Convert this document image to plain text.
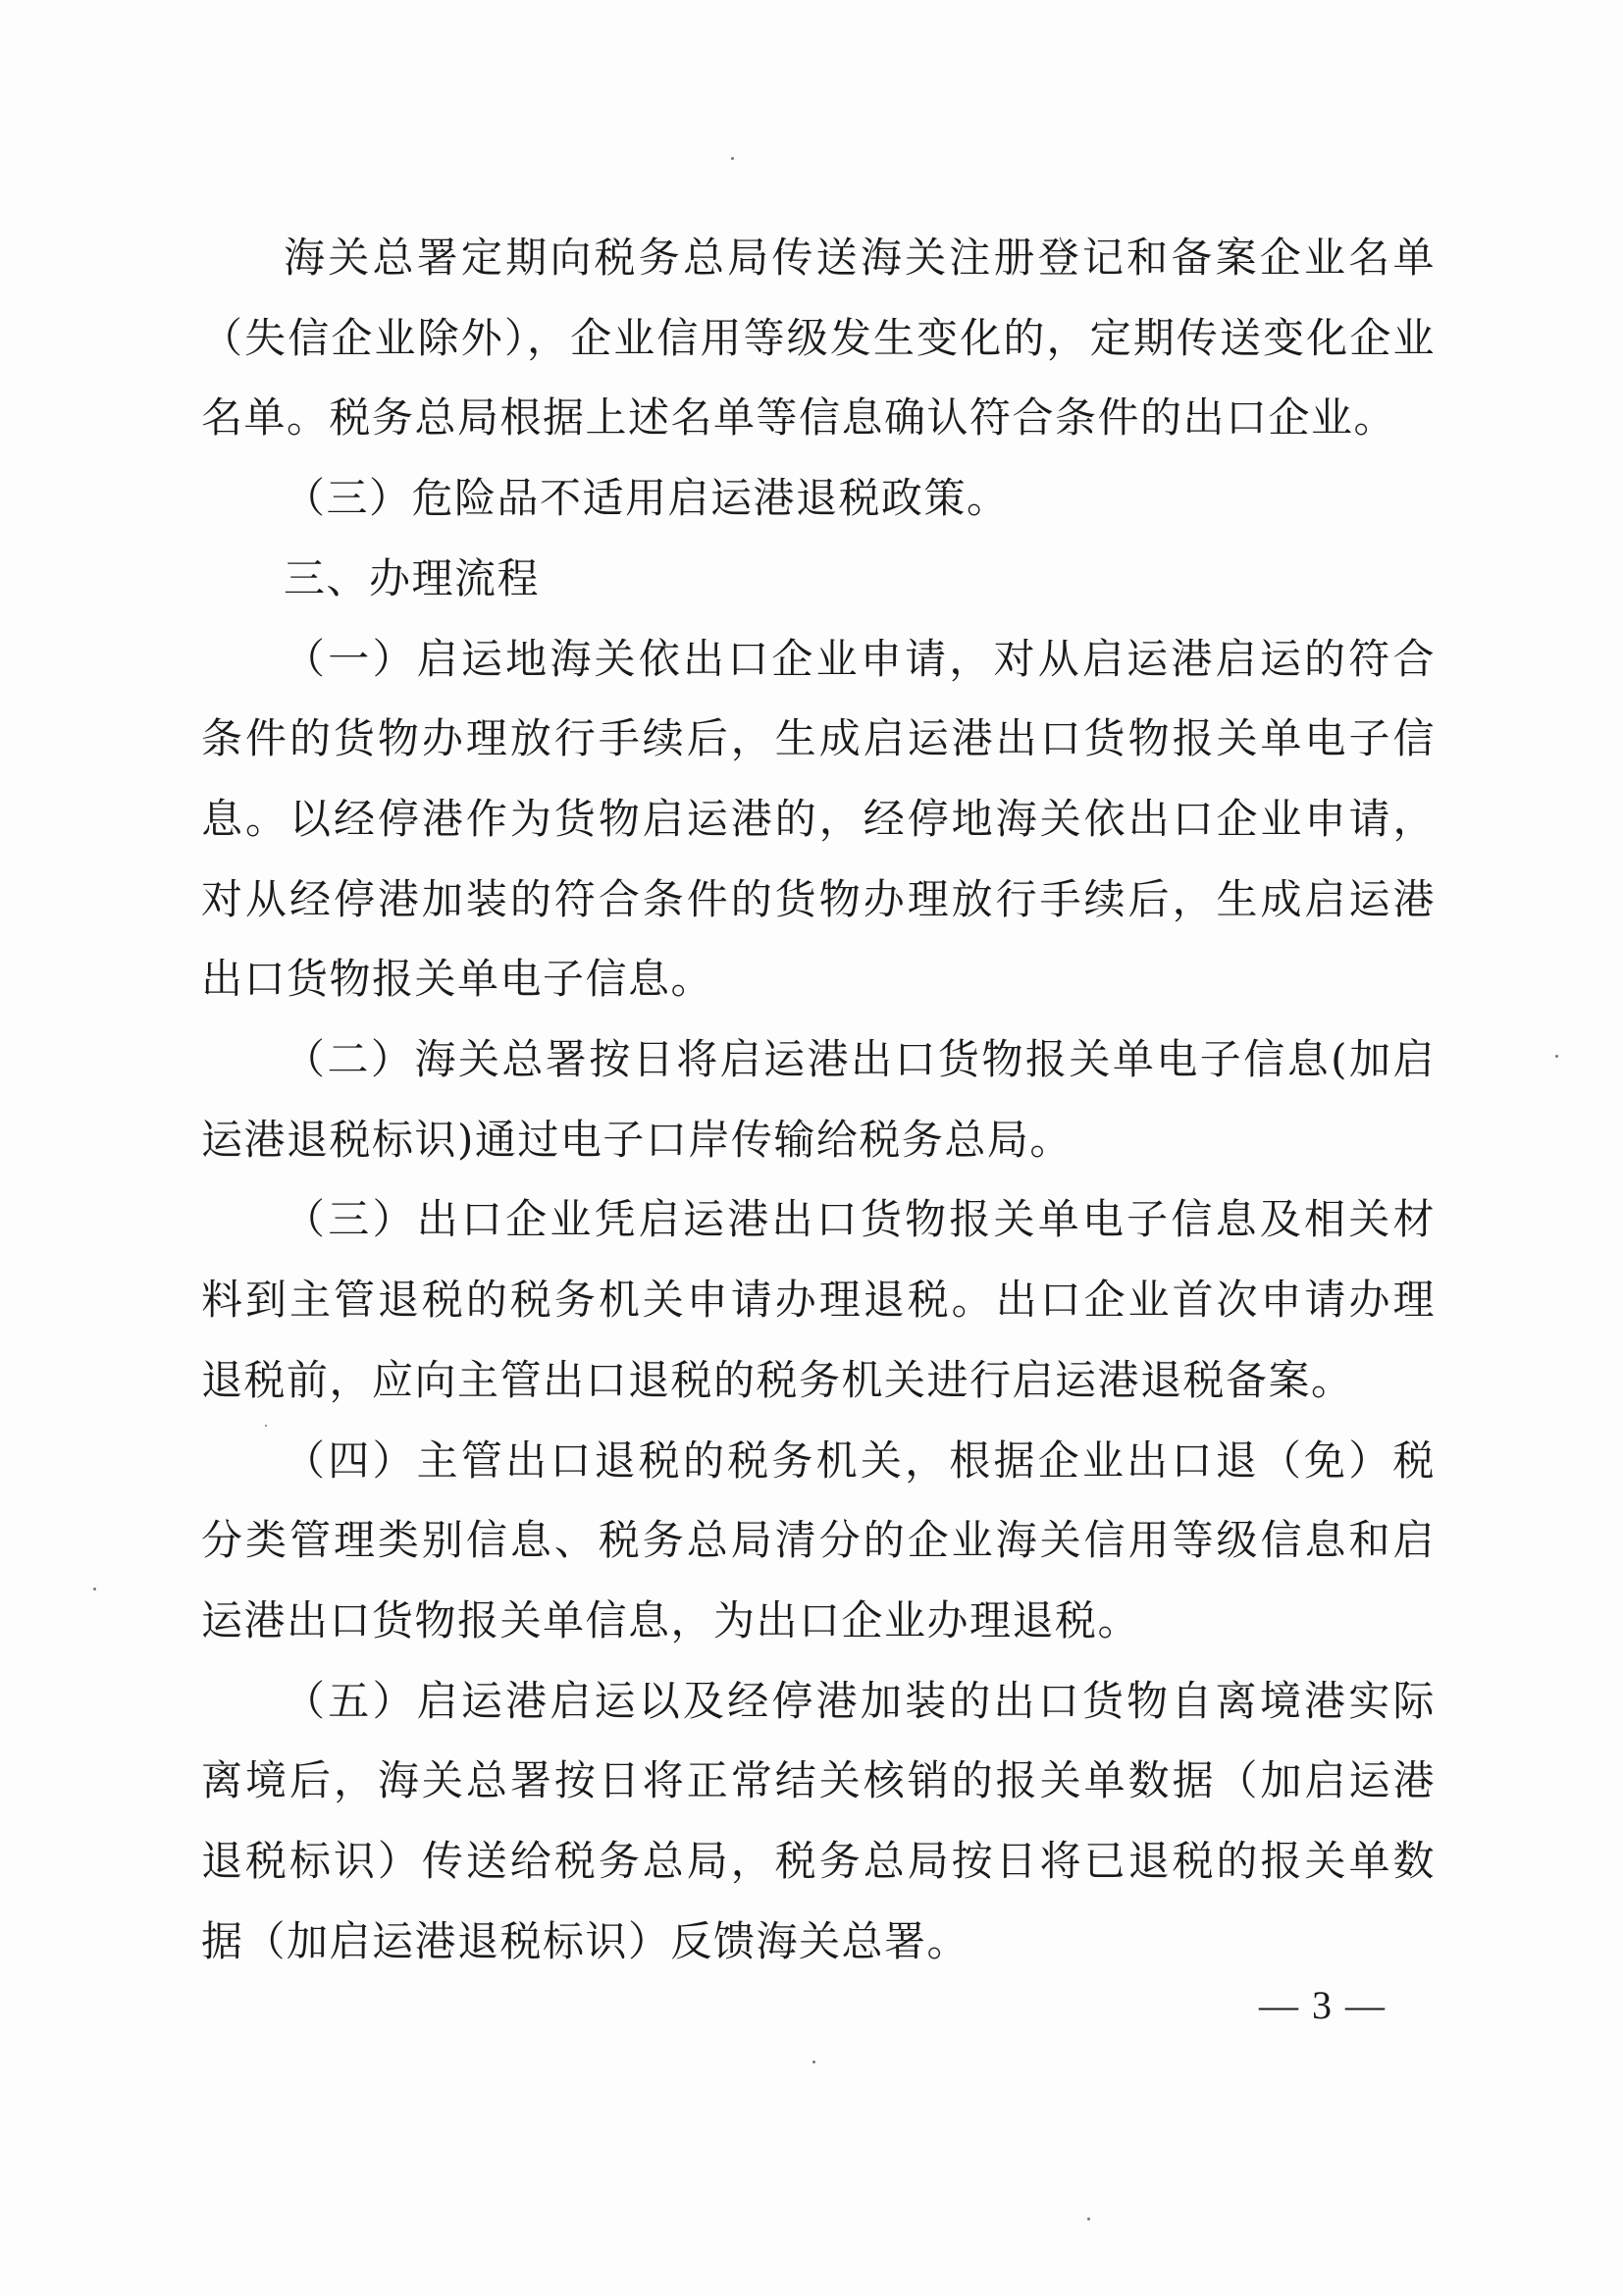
海关总署定期向税务总局传送海关注册登记和备案企业名单（失信企业除外），企业信用等级发生变化的，定期传送变化企业名单。税务总局根据上述名单等信息确认符合条件的出口企业。

（三）危险品不适用启运港退税政策。

三、办理流程

（一）启运地海关依出口企业申请，对从启运港启运的符合条件的货物办理放行手续后，生成启运港出口货物报关单电子信息。以经停港作为货物启运港的，经停地海关依出口企业申请，对从经停港加装的符合条件的货物办理放行手续后，生成启运港出口货物报关单电子信息。

（二）海关总署按日将启运港出口货物报关单电子信息(加启运港退税标识)通过电子口岸传输给税务总局。

（三）出口企业凭启运港出口货物报关单电子信息及相关材料到主管退税的税务机关申请办理退税。出口企业首次申请办理退税前，应向主管出口退税的税务机关进行启运港退税备案。

（四）主管出口退税的税务机关，根据企业出口退（免）税分类管理类别信息、税务总局清分的企业海关信用等级信息和启运港出口货物报关单信息，为出口企业办理退税。

（五）启运港启运以及经停港加装的出口货物自离境港实际离境后，海关总署按日将正常结关核销的报关单数据（加启运港退税标识）传送给税务总局，税务总局按日将已退税的报关单数据（加启运港退税标识）反馈海关总署。

— 3 —
